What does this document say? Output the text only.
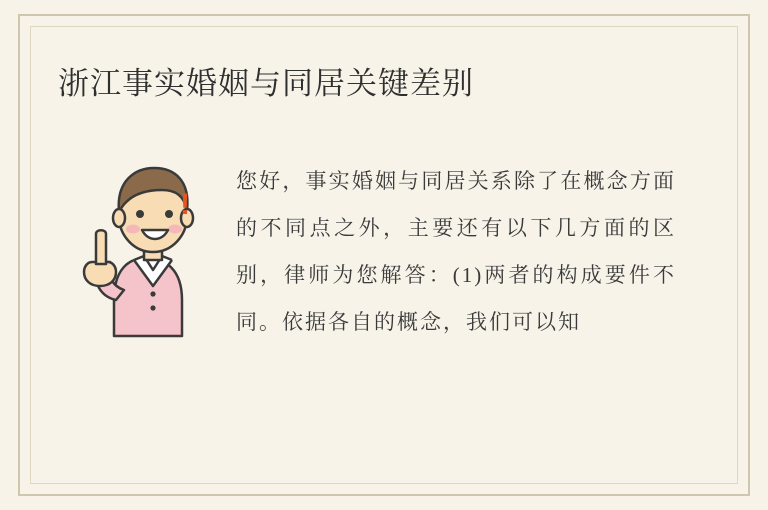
浙江事实婚姻与同居关键差别
!
您好，事实婚姻与同居关系除了在概念方面的不同点之外，主要还有以下几方面的区别，律师为您解答：(1)两者的构成要件不同。依据各自的概念，我们可以知
